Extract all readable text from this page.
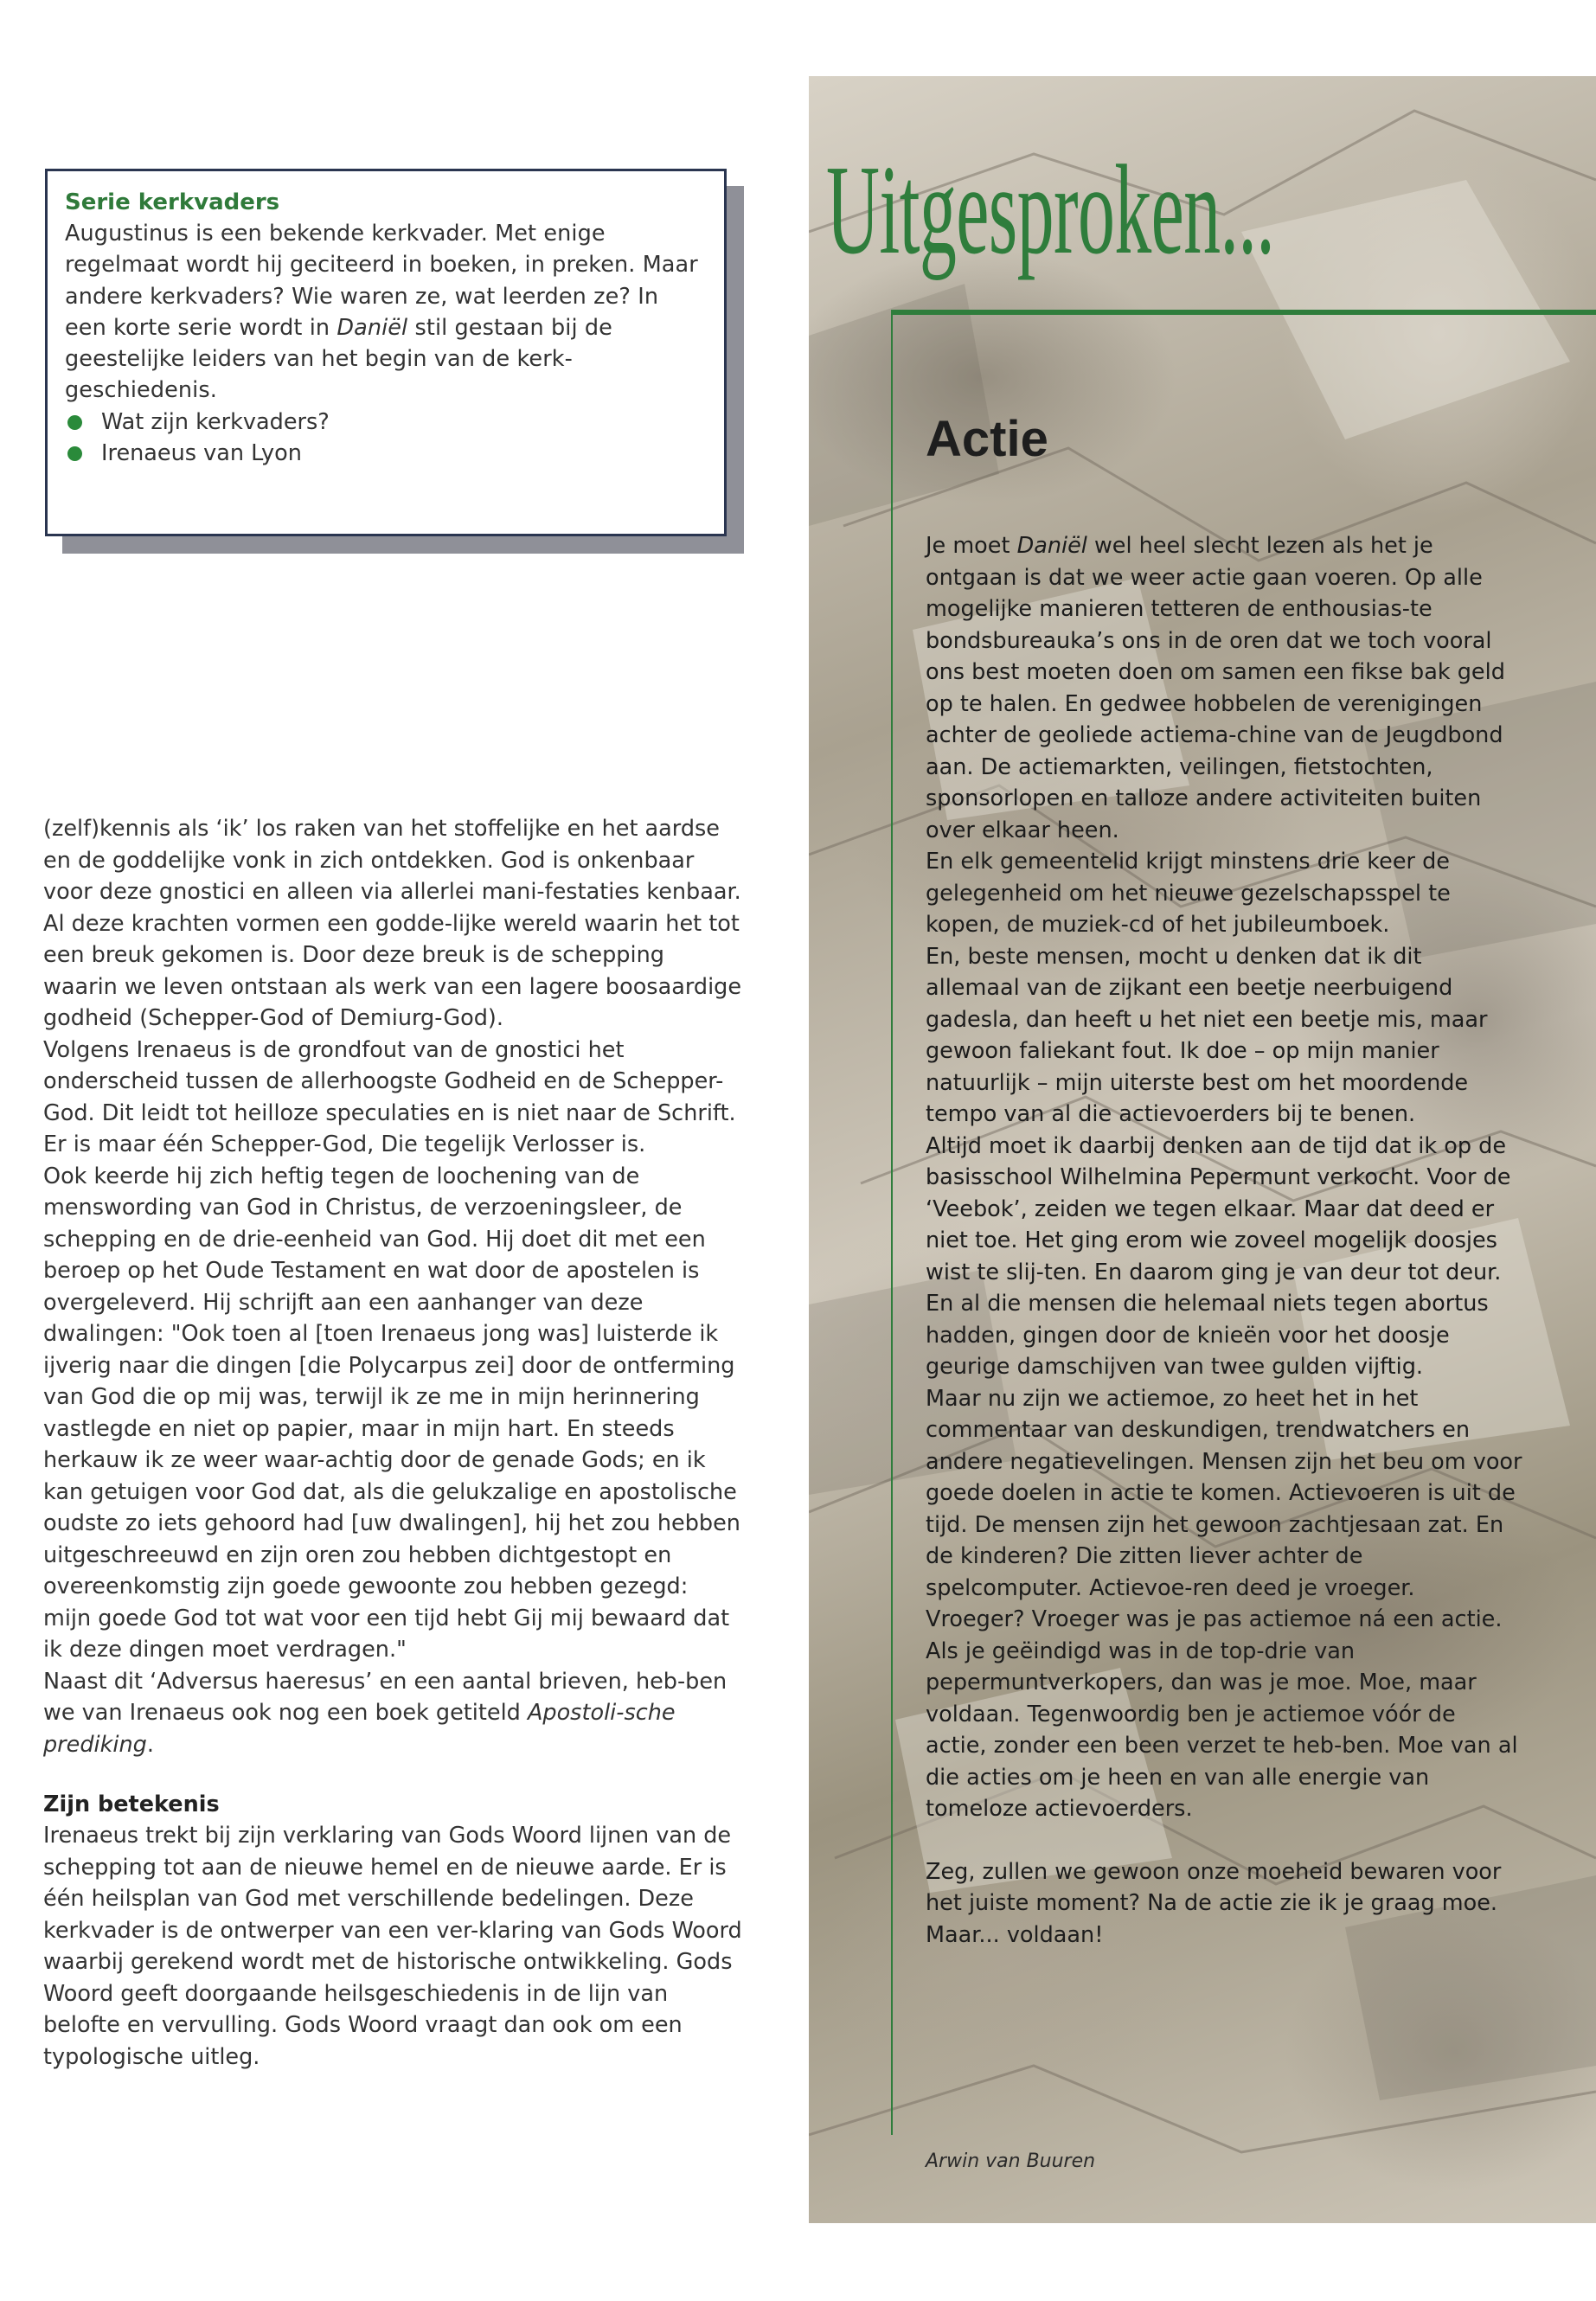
Serie kerkvaders

Augustinus is een bekende kerkvader. Met enige regelmaat wordt hij geciteerd in boeken, in preken. Maar andere kerkvaders? Wie waren ze, wat leerden ze? In een korte serie wordt in Daniël stil gestaan bij de geestelijke leiders van het begin van de kerk-geschiedenis.

Wat zijn kerkvaders?
Irenaeus van Lyon

(zelf)kennis als ‘ik’ los raken van het stoffelijke en het aardse en de goddelijke vonk in zich ontdekken. God is onkenbaar voor deze gnostici en alleen via allerlei mani-festaties kenbaar. Al deze krachten vormen een godde-lijke wereld waarin het tot een breuk gekomen is. Door deze breuk is de schepping waarin we leven ontstaan als werk van een lagere boosaardige godheid (Schepper-God of Demiurg-God).

Volgens Irenaeus is de grondfout van de gnostici het onderscheid tussen de allerhoogste Godheid en de Schepper-God. Dit leidt tot heilloze speculaties en is niet naar de Schrift. Er is maar één Schepper-God, Die tegelijk Verlosser is.

Ook keerde hij zich heftig tegen de loochening van de menswording van God in Christus, de verzoeningsleer, de schepping en de drie-eenheid van God. Hij doet dit met een beroep op het Oude Testament en wat door de apostelen is overgeleverd. Hij schrijft aan een aanhanger van deze dwalingen: "Ook toen al [toen Irenaeus jong was] luisterde ik ijverig naar die dingen [die Polycarpus zei] door de ontferming van God die op mij was, terwijl ik ze me in mijn herinnering vastlegde en niet op papier, maar in mijn hart. En steeds herkauw ik ze weer waar-achtig door de genade Gods; en ik kan getuigen voor God dat, als die gelukzalige en apostolische oudste zo iets gehoord had [uw dwalingen], hij het zou hebben uitgeschreeuwd en zijn oren zou hebben dichtgestopt en overeenkomstig zijn goede gewoonte zou hebben gezegd: mijn goede God tot wat voor een tijd hebt Gij mij bewaard dat ik deze dingen moet verdragen."

Naast dit ‘Adversus haeresus’ en een aantal brieven, heb-ben we van Irenaeus ook nog een boek getiteld Apostoli-sche prediking.

Zijn betekenis

Irenaeus trekt bij zijn verklaring van Gods Woord lijnen van de schepping tot aan de nieuwe hemel en de nieuwe aarde. Er is één heilsplan van God met verschillende bedelingen. Deze kerkvader is de ontwerper van een ver-klaring van Gods Woord waarbij gerekend wordt met de historische ontwikkeling. Gods Woord geeft doorgaande heilsgeschiedenis in de lijn van belofte en vervulling. Gods Woord vraagt dan ook om een typologische uitleg.

Uitgesproken...
Actie

Je moet Daniël wel heel slecht lezen als het je ontgaan is dat we weer actie gaan voeren. Op alle mogelijke manieren tetteren de enthousias-te bondsbureauka’s ons in de oren dat we toch vooral ons best moeten doen om samen een fikse bak geld op te halen. En gedwee hobbelen de verenigingen achter de geoliede actiema-chine van de Jeugdbond aan. De actiemarkten, veilingen, fietstochten, sponsorlopen en talloze andere activiteiten buiten over elkaar heen.

En elk gemeentelid krijgt minstens drie keer de gelegenheid om het nieuwe gezelschapsspel te kopen, de muziek-cd of het jubileumboek.

En, beste mensen, mocht u denken dat ik dit allemaal van de zijkant een beetje neerbuigend gadesla, dan heeft u het niet een beetje mis, maar gewoon faliekant fout. Ik doe – op mijn manier natuurlijk – mijn uiterste best om het moordende tempo van al die actievoerders bij te benen.

Altijd moet ik daarbij denken aan de tijd dat ik op de basisschool Wilhelmina Pepermunt verkocht. Voor de ‘Veebok’, zeiden we tegen elkaar. Maar dat deed er niet toe. Het ging erom wie zoveel mogelijk doosjes wist te slij-ten. En daarom ging je van deur tot deur. En al die mensen die helemaal niets tegen abortus hadden, gingen door de knieën voor het doosje geurige damschijven van twee gulden vijftig.

Maar nu zijn we actiemoe, zo heet het in het commentaar van deskundigen, trendwatchers en andere negatievelingen. Mensen zijn het beu om voor goede doelen in actie te komen. Actievoeren is uit de tijd. De mensen zijn het gewoon zachtjesaan zat. En de kinderen? Die zitten liever achter de spelcomputer. Actievoe-ren deed je vroeger.

Vroeger? Vroeger was je pas actiemoe ná een actie. Als je geëindigd was in de top-drie van pepermuntverkopers, dan was je moe. Moe, maar voldaan. Tegenwoordig ben je actiemoe vóór de actie, zonder een been verzet te heb-ben. Moe van al die acties om je heen en van alle energie van tomeloze actievoerders.

Zeg, zullen we gewoon onze moeheid bewaren voor het juiste moment? Na de actie zie ik je graag moe. Maar... voldaan!

Arwin van Buuren
